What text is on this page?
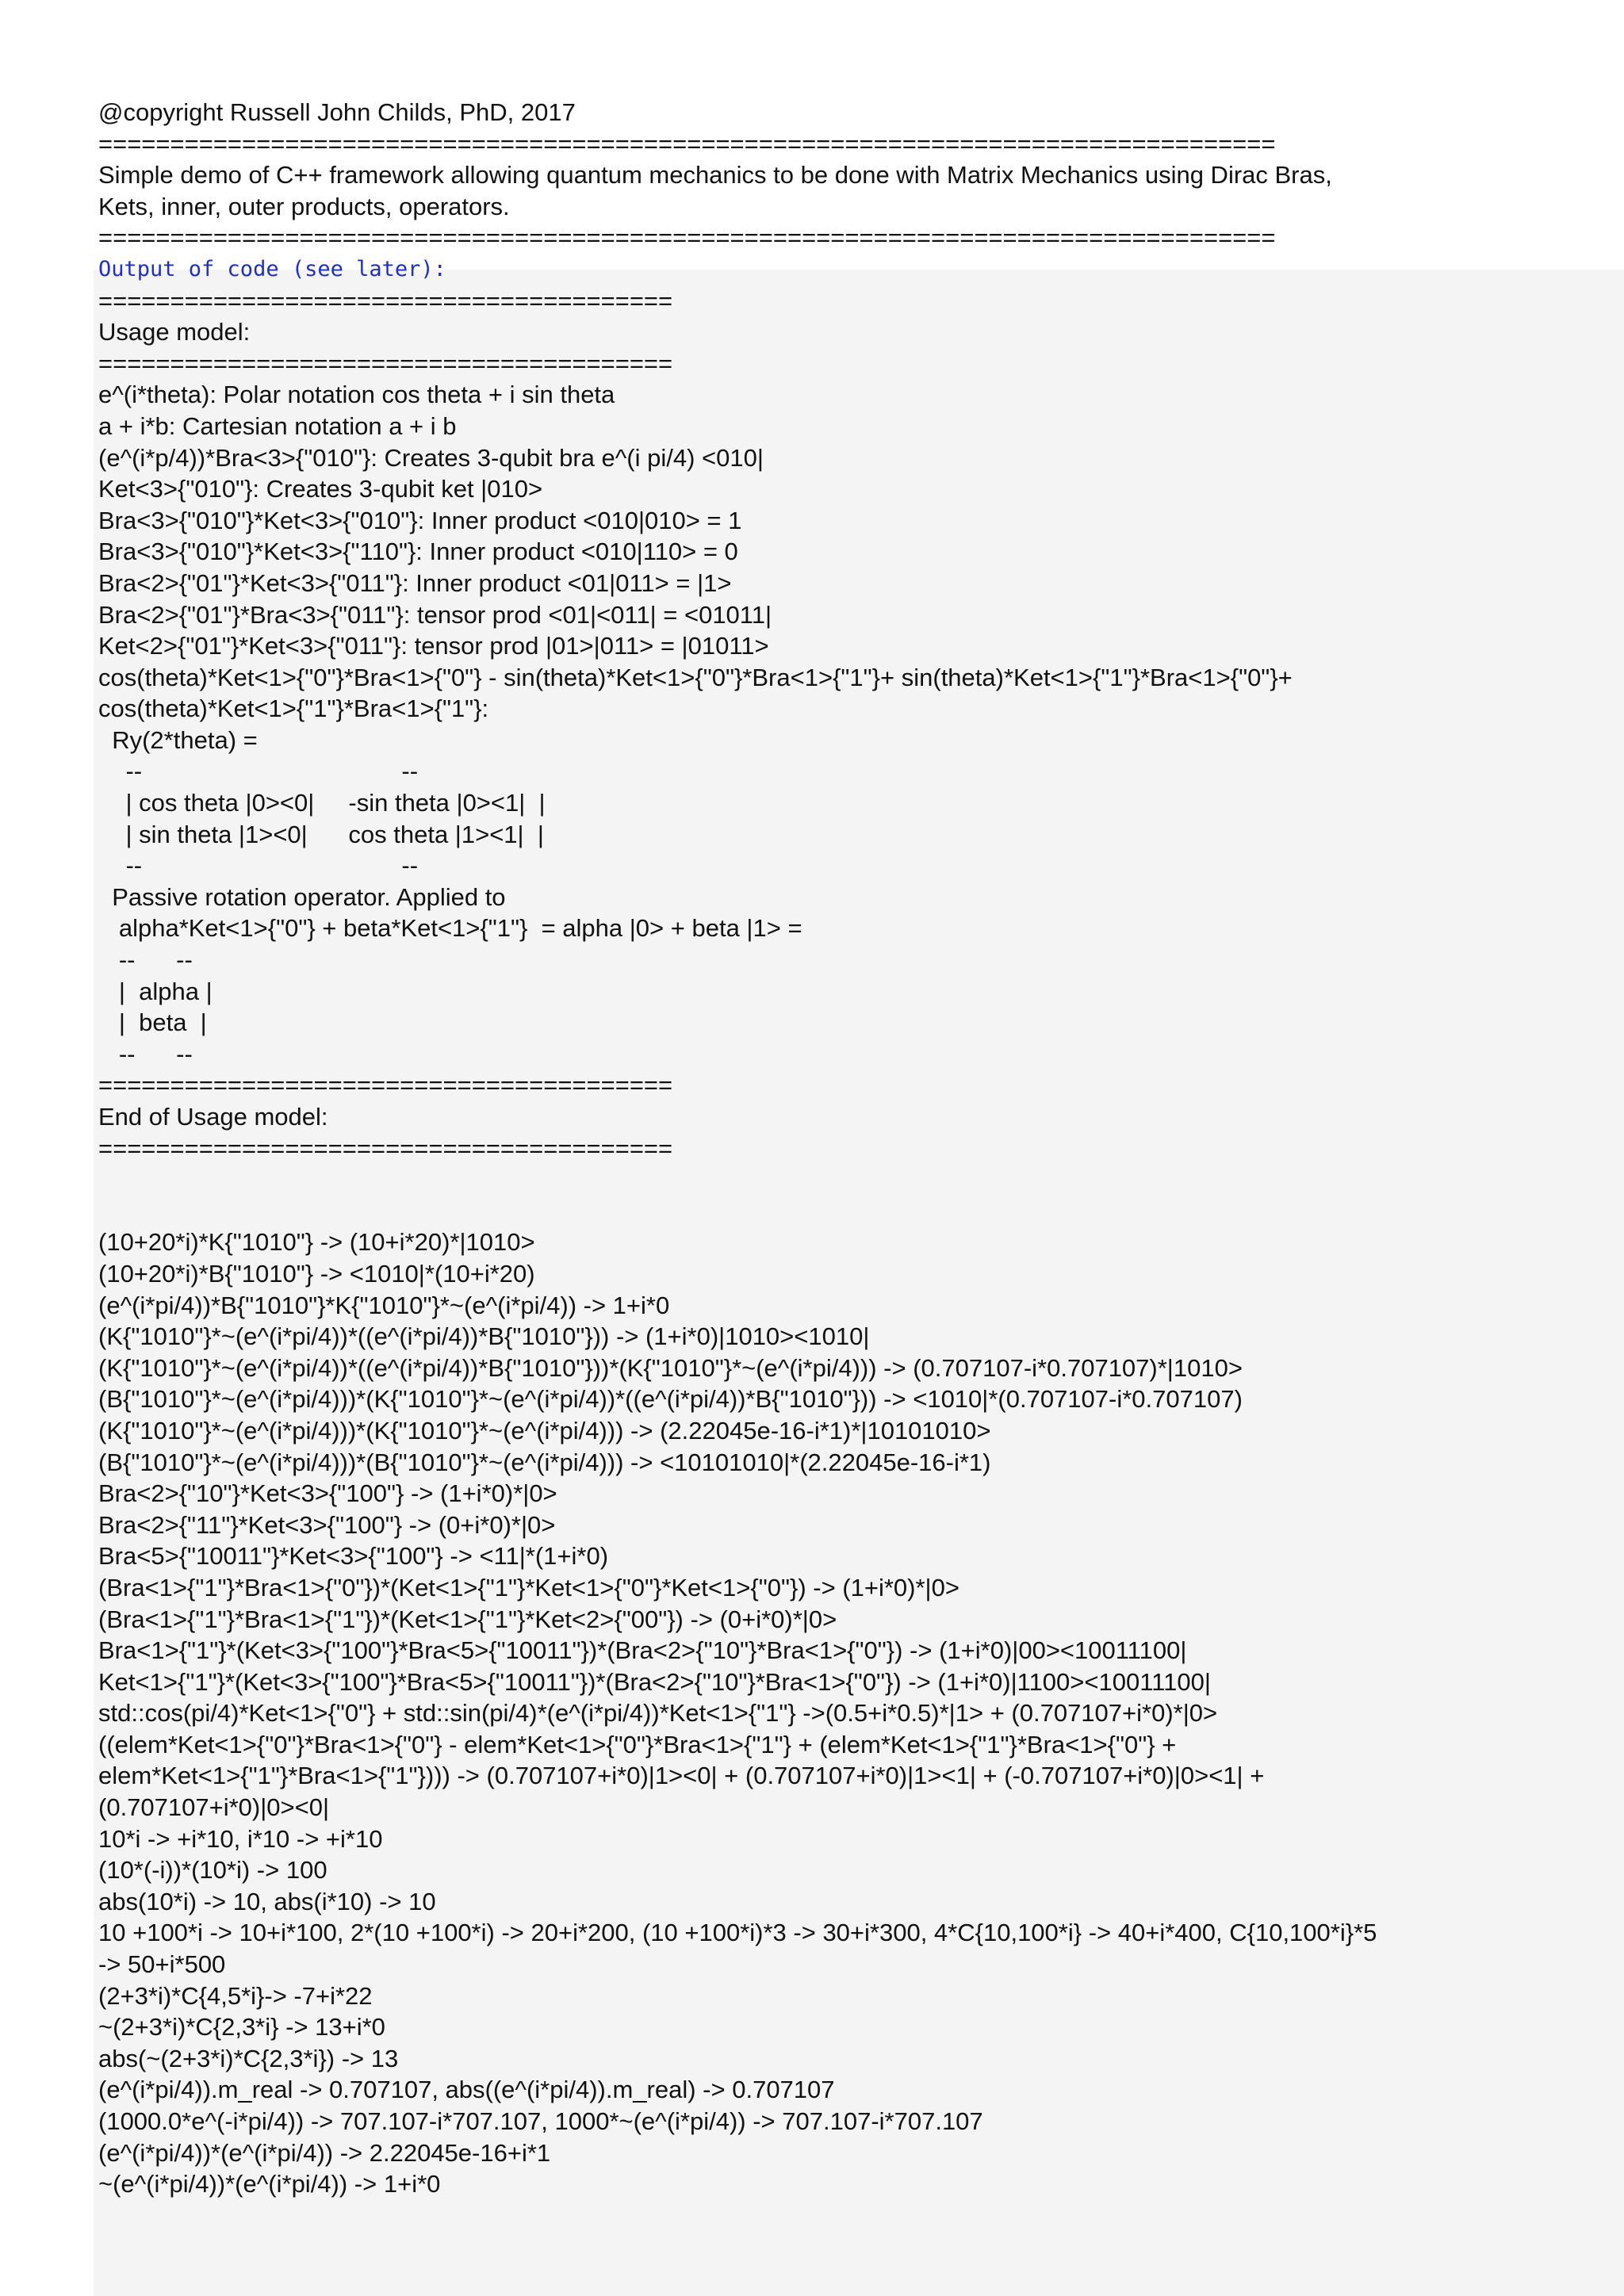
@copyright Russell John Childs, PhD, 2017
==================================================================================
Simple demo of C++ framework allowing quantum mechanics to be done with Matrix Mechanics using Dirac Bras,
Kets, inner, outer products, operators.
==================================================================================
Output of code (see later):
========================================
Usage model:
========================================
e^(i*theta): Polar notation cos theta + i sin theta
a + i*b: Cartesian notation a + i b
(e^(i*p/4))*Bra<3>{"010"}: Creates 3-qubit bra e^(i pi/4) <010|
Ket<3>{"010"}: Creates 3-qubit ket |010>
Bra<3>{"010"}*Ket<3>{"010"}: Inner product <010|010> = 1
Bra<3>{"010"}*Ket<3>{"110"}: Inner product <010|110> = 0
Bra<2>{"01"}*Ket<3>{"011"}: Inner product <01|011> = |1>
Bra<2>{"01"}*Bra<3>{"011"}: tensor prod <01|<011| = <01011|
Ket<2>{"01"}*Ket<3>{"011"}: tensor prod |01>|011> = |01011>
cos(theta)*Ket<1>{"0"}*Bra<1>{"0"} - sin(theta)*Ket<1>{"0"}*Bra<1>{"1"}+ sin(theta)*Ket<1>{"1"}*Bra<1>{"0"}+
cos(theta)*Ket<1>{"1"}*Bra<1>{"1"}:
Ry(2*theta) =
--                                      --
| cos theta |0><0|     -sin theta |0><1|  |
| sin theta |1><0|      cos theta |1><1|  |
--                                      --
Passive rotation operator. Applied to
alpha*Ket<1>{"0"} + beta*Ket<1>{"1"}  = alpha |0> + beta |1> =
--      --
|  alpha |
|  beta  |
--      --
========================================
End of Usage model:
========================================
(10+20*i)*K{"1010"} -> (10+i*20)*|1010>
(10+20*i)*B{"1010"} -> <1010|*(10+i*20)
(e^(i*pi/4))*B{"1010"}*K{"1010"}*~(e^(i*pi/4)) -> 1+i*0
(K{"1010"}*~(e^(i*pi/4))*((e^(i*pi/4))*B{"1010"})) -> (1+i*0)|1010><1010|
(K{"1010"}*~(e^(i*pi/4))*((e^(i*pi/4))*B{"1010"}))*(K{"1010"}*~(e^(i*pi/4))) -> (0.707107-i*0.707107)*|1010>
(B{"1010"}*~(e^(i*pi/4)))*(K{"1010"}*~(e^(i*pi/4))*((e^(i*pi/4))*B{"1010"})) -> <1010|*(0.707107-i*0.707107)
(K{"1010"}*~(e^(i*pi/4)))*(K{"1010"}*~(e^(i*pi/4))) -> (2.22045e-16-i*1)*|10101010>
(B{"1010"}*~(e^(i*pi/4)))*(B{"1010"}*~(e^(i*pi/4))) -> <10101010|*(2.22045e-16-i*1)
Bra<2>{"10"}*Ket<3>{"100"} -> (1+i*0)*|0>
Bra<2>{"11"}*Ket<3>{"100"} -> (0+i*0)*|0>
Bra<5>{"10011"}*Ket<3>{"100"} -> <11|*(1+i*0)
(Bra<1>{"1"}*Bra<1>{"0"})*(Ket<1>{"1"}*Ket<1>{"0"}*Ket<1>{"0"}) -> (1+i*0)*|0>
(Bra<1>{"1"}*Bra<1>{"1"})*(Ket<1>{"1"}*Ket<2>{"00"}) -> (0+i*0)*|0>
Bra<1>{"1"}*(Ket<3>{"100"}*Bra<5>{"10011"})*(Bra<2>{"10"}*Bra<1>{"0"}) -> (1+i*0)|00><10011100|
Ket<1>{"1"}*(Ket<3>{"100"}*Bra<5>{"10011"})*(Bra<2>{"10"}*Bra<1>{"0"}) -> (1+i*0)|1100><10011100|
std::cos(pi/4)*Ket<1>{"0"} + std::sin(pi/4)*(e^(i*pi/4))*Ket<1>{"1"} ->(0.5+i*0.5)*|1> + (0.707107+i*0)*|0>
((elem*Ket<1>{"0"}*Bra<1>{"0"} - elem*Ket<1>{"0"}*Bra<1>{"1"} + (elem*Ket<1>{"1"}*Bra<1>{"0"} +
elem*Ket<1>{"1"}*Bra<1>{"1"}))) -> (0.707107+i*0)|1><0| + (0.707107+i*0)|1><1| + (-0.707107+i*0)|0><1| +
(0.707107+i*0)|0><0|
10*i -> +i*10, i*10 -> +i*10
(10*(-i))*(10*i) -> 100
abs(10*i) -> 10, abs(i*10) -> 10
10 +100*i -> 10+i*100, 2*(10 +100*i) -> 20+i*200, (10 +100*i)*3 -> 30+i*300, 4*C{10,100*i} -> 40+i*400, C{10,100*i}*5
-> 50+i*500
(2+3*i)*C{4,5*i}-> -7+i*22
~(2+3*i)*C{2,3*i} -> 13+i*0
abs(~(2+3*i)*C{2,3*i}) -> 13
(e^(i*pi/4)).m_real -> 0.707107, abs((e^(i*pi/4)).m_real) -> 0.707107
(1000.0*e^(-i*pi/4)) -> 707.107-i*707.107, 1000*~(e^(i*pi/4)) -> 707.107-i*707.107
(e^(i*pi/4))*(e^(i*pi/4)) -> 2.22045e-16+i*1
~(e^(i*pi/4))*(e^(i*pi/4)) -> 1+i*0
